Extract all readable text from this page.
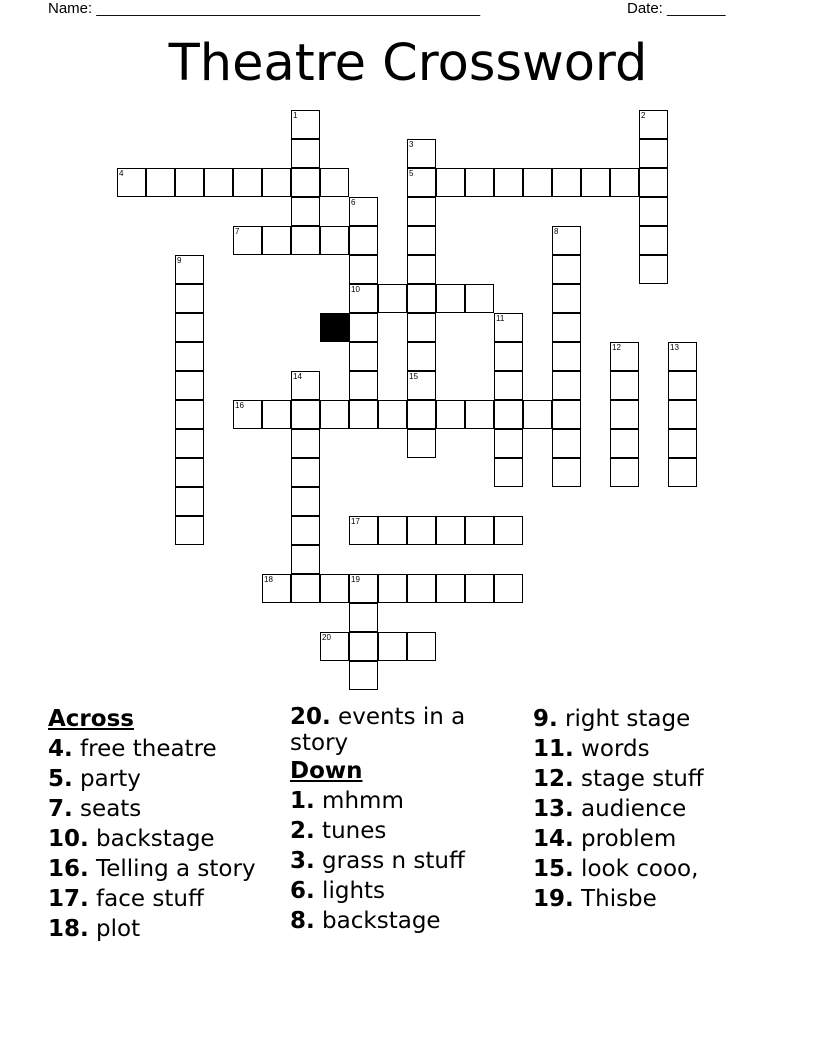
Name: ______________________________________________	Date: _______
Theatre Crossword
1	2
3
5
4
6
10
7	8
9
11
12	13
14	15
16
17
18	19
20
Across
4. free theatre
5. party
7. seats
10. backstage
16. Telling a story
17. face stuff
18. plot
20. events in a story
Down
1. mhmm
2. tunes
3. grass n stuff
6. lights
8. backstage
9. right stage
11. words
12. stage stuff
13. audience
14. problem
15. look cooo,
19. Thisbe
